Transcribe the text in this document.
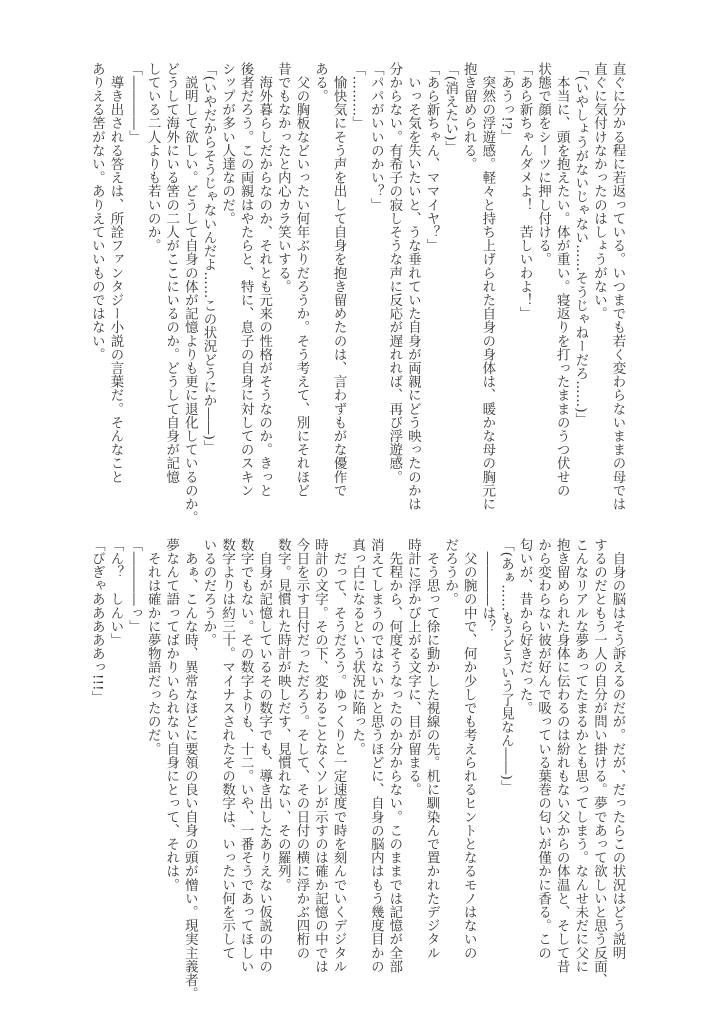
直ぐに分かる程に若返っている。いつまでも若く変わらないままの母では
直ぐに気付けなかったのはしょうがない。
「(いやしょうがないじゃない……そうじゃねーだろ……)」
　本当に、頭を抱えたい。体が重い。寝返りを打ったままのうつ伏せの
状態で顔をシーツに押し付ける。
「あら新ちゃんダメよ！　苦しいわよ！」
「あうっ!?」
　突然の浮遊感。軽々と持ち上げられた自身の身体は、暖かな母の胸元に
抱き留められる。
「(消えたい)」
「あら新ちゃん、ママイヤ？」
　いっそ気を失いたいと、うな垂れていた自身が両親にどう映ったのかは
分からない。有希子の寂しそうな声に反応が遅れれば、再び浮遊感。
「パパがいいのかい？」
「………」
　愉快気にそう声を出して自身を抱き留めたのは、言わずもがな優作で
ある。
　父の胸板などいったい何年ぶりだろうか。そう考えて、別にそれほど
昔でもなかったと内心カラ笑いする。
　海外暮らしだからなのか、それとも元来の性格がそうなのか。きっと
後者だろう。この両親はやたらと、特に、息子の自身に対してのスキン
シップが多い人達なのだ。
「(いやだからそうじゃないんだよ……この状況どうにか――)」
　説明して欲しい。どうして自身の体が記憶よりも更に退化しているのか。
どうして海外にいる筈の二人がここにいるのか。どうして自身が記憶
している二人よりも若いのか。
「――――」
　導き出される答えは、所詮ファンタジー小説の言葉だ。そんなこと
ありえる筈がない。ありえていいものではない。
　自身の脳はそう訴えるのだが。だが、だったらこの状況はどう説明
するのだともう一人の自分が問い掛ける。夢であって欲しいと思う反面、
こんなリアルな夢あってたまるかとも思ってしまう。なんせ未だに父に
抱き留められた身体に伝わるのは紛れもない父からの体温と、そして昔
から変わらない彼が好んで吸っている葉巻の匂いが僅かに香る。この
匂いが、昔から好きだった。
「(あぁ……もうどういう了見なん――)」
　――――は？
　父の腕の中で、何か少しでも考えられるヒントとなるモノはないの
だろうか。
　そう思って徐に動かした視線の先。机に馴染んで置かれたデジタル
時計に浮かび上がる文字に、目が留まる。
　先程から、何度そうなったのか分からない。このままでは記憶が全部
消えてしまうのではないかと思うほどに、自身の脳内はもう幾度目かの
真っ白になるという状況に陥った。
　だって、そうだろう。ゆっくりと一定速度で時を刻んでいくデジタル
時計の文字。その下、変わることなくソレが示すのは確か記憶の中では
今日を示す日付だっただろう。そして、その日付の横に浮かぶ四桁の
数字。見慣れた時計が映しだす、見慣れない、その羅列。
　自身が記憶しているその数字でも、導き出したありえない仮説の中の
数字でもない。その数字よりも、十二。いや、一番そうであってほしい
数字よりは約三十。マイナスされたその数字は、いったい何を示して
いるのだろうか。
　あぁ、こんな時、異常なほどに要領の良い自身の頭が憎い。現実主義者。
夢なんて語ってばかりいられない自身にとって、それは。
　それは確かに夢物語だったのだ。
「――――っ」
「ん？　しんい」
「びぎゃあああああっ!!!」
